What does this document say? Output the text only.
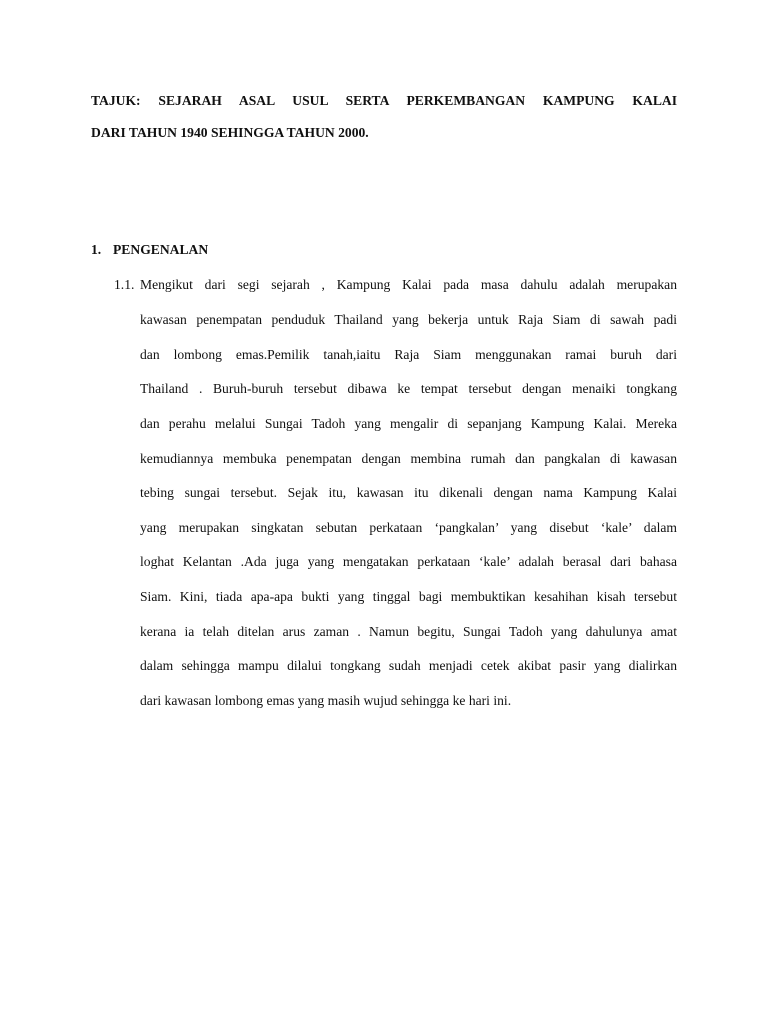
TAJUK: SEJARAH ASAL USUL SERTA PERKEMBANGAN KAMPUNG KALAI
DARI TAHUN 1940 SEHINGGA TAHUN 2000.
1. PENGENALAN
1.1. Mengikut dari segi sejarah , Kampung Kalai pada masa dahulu adalah merupakan
kawasan penempatan penduduk Thailand yang bekerja untuk Raja Siam di sawah padi
dan lombong emas.Pemilik tanah,iaitu Raja Siam menggunakan ramai buruh dari
Thailand . Buruh-buruh tersebut dibawa ke tempat tersebut dengan menaiki tongkang
dan perahu melalui Sungai Tadoh yang mengalir di sepanjang Kampung Kalai. Mereka
kemudiannya membuka penempatan dengan membina rumah dan pangkalan di kawasan
tebing sungai tersebut. Sejak itu, kawasan itu dikenali dengan nama Kampung Kalai
yang merupakan singkatan sebutan perkataan ‘pangkalan’ yang disebut ‘kale’ dalam
loghat Kelantan .Ada juga yang mengatakan perkataan ‘kale’ adalah berasal dari bahasa
Siam. Kini, tiada apa-apa bukti yang tinggal bagi membuktikan kesahihan kisah tersebut
kerana ia telah ditelan arus zaman . Namun begitu, Sungai Tadoh yang dahulunya amat
dalam sehingga mampu dilalui tongkang sudah menjadi cetek akibat pasir yang dialirkan
dari kawasan lombong emas yang masih wujud sehingga ke hari ini.
